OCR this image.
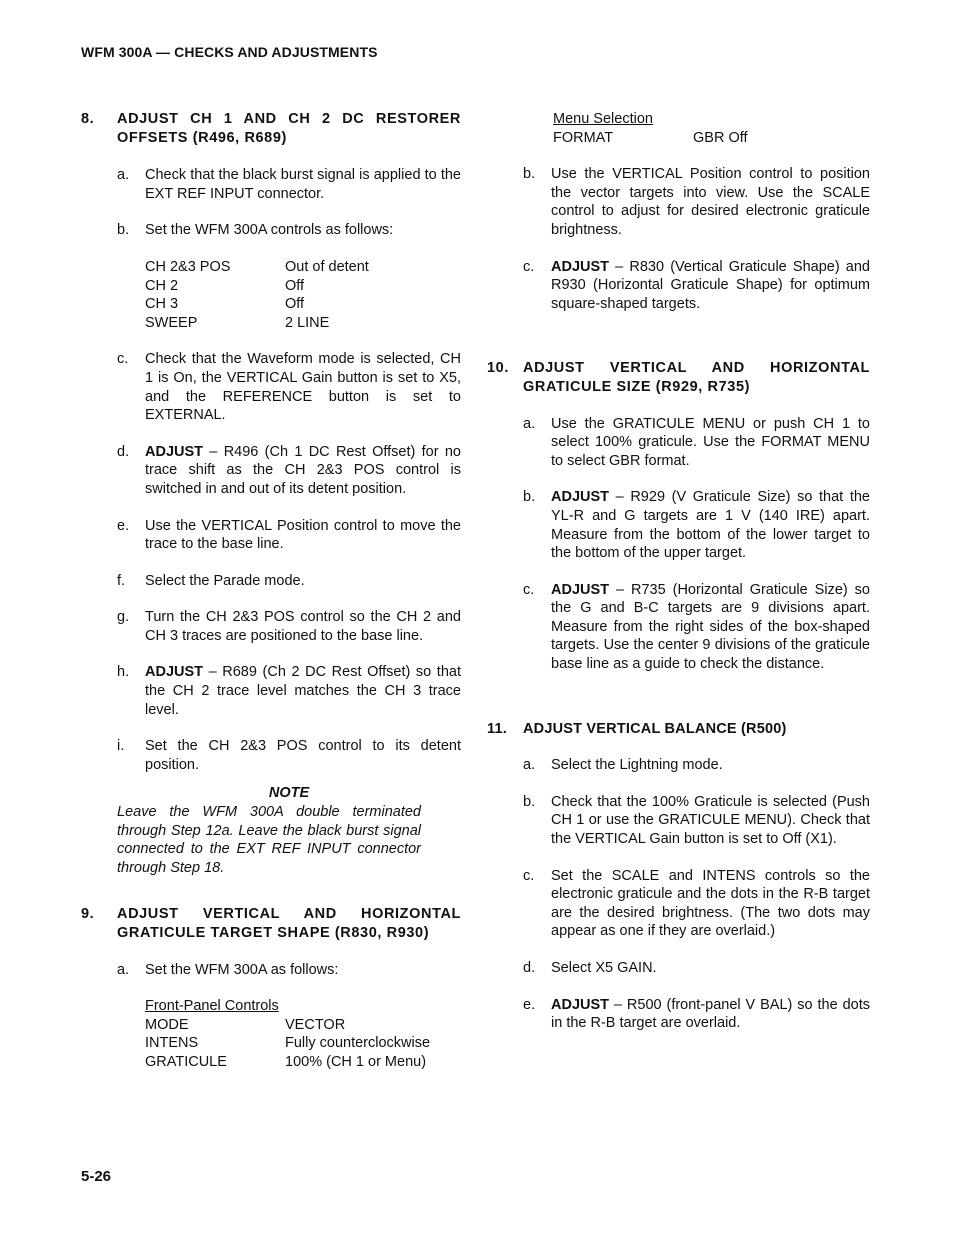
WFM 300A — CHECKS AND ADJUSTMENTS
8.	ADJUST CH 1 AND CH 2 DC RESTORER
OFFSETS (R496, R689)
a.	Check that the black burst signal is applied to the EXT REF INPUT connector.
b.	Set the WFM 300A controls as follows:
CH 2&3 POS	Out of detent
CH 2	Off
CH 3	Off
SWEEP	2 LINE
c.	Check that the Waveform mode is selected, CH 1 is On, the VERTICAL Gain button is set to X5, and the REFERENCE button is set to EXTERNAL.
d.	ADJUST – R496 (Ch 1 DC Rest Offset) for no trace shift as the CH 2&3 POS control is switched in and out of its detent position.
e.	Use the VERTICAL Position control to move the trace to the base line.
f.	Select the Parade mode.
g.	Turn the CH 2&3 POS control so the CH 2 and CH 3 traces are positioned to the base line.
h.	ADJUST – R689 (Ch 2 DC Rest Offset) so that the CH 2 trace level matches the CH 3 trace level.
i.	Set the CH 2&3 POS control to its detent position.
NOTE
Leave the WFM 300A double terminated through Step 12a. Leave the black burst signal connected to the EXT REF INPUT connector through Step 18.
9.	ADJUST VERTICAL AND HORIZONTAL
GRATICULE TARGET SHAPE (R830, R930)
a.	Set the WFM 300A as follows:
Front-Panel Controls
MODE	VECTOR
INTENS	Fully counterclockwise
GRATICULE	100% (CH 1 or Menu)
Menu Selection
FORMAT	GBR Off
b.	Use the VERTICAL Position control to position the vector targets into view. Use the SCALE control to adjust for desired electronic graticule brightness.
c.	ADJUST – R830 (Vertical Graticule Shape) and R930 (Horizontal Graticule Shape) for optimum square-shaped targets.
10. ADJUST VERTICAL AND HORIZONTAL
GRATICULE SIZE (R929, R735)
a.	Use the GRATICULE MENU or push CH 1 to select 100% graticule. Use the FORMAT MENU to select GBR format.
b.	ADJUST – R929 (V Graticule Size) so that the YL-R and G targets are 1 V (140 IRE) apart. Measure from the bottom of the lower target to the bottom of the upper target.
c.	ADJUST – R735 (Horizontal Graticule Size) so the G and B-C targets are 9 divisions apart. Measure from the right sides of the box-shaped targets. Use the center 9 divisions of the graticule base line as a guide to check the distance.
11.	ADJUST VERTICAL BALANCE (R500)
a.	Select the Lightning mode.
b.	Check that the 100% Graticule is selected (Push CH 1 or use the GRATICULE MENU). Check that the VERTICAL Gain button is set to Off (X1).
c.	Set the SCALE and INTENS controls so the electronic graticule and the dots in the R-B target are the desired brightness. (The two dots may appear as one if they are overlaid.)
d.	Select X5 GAIN.
e.	ADJUST – R500 (front-panel V BAL) so the dots in the R-B target are overlaid.
5-26
